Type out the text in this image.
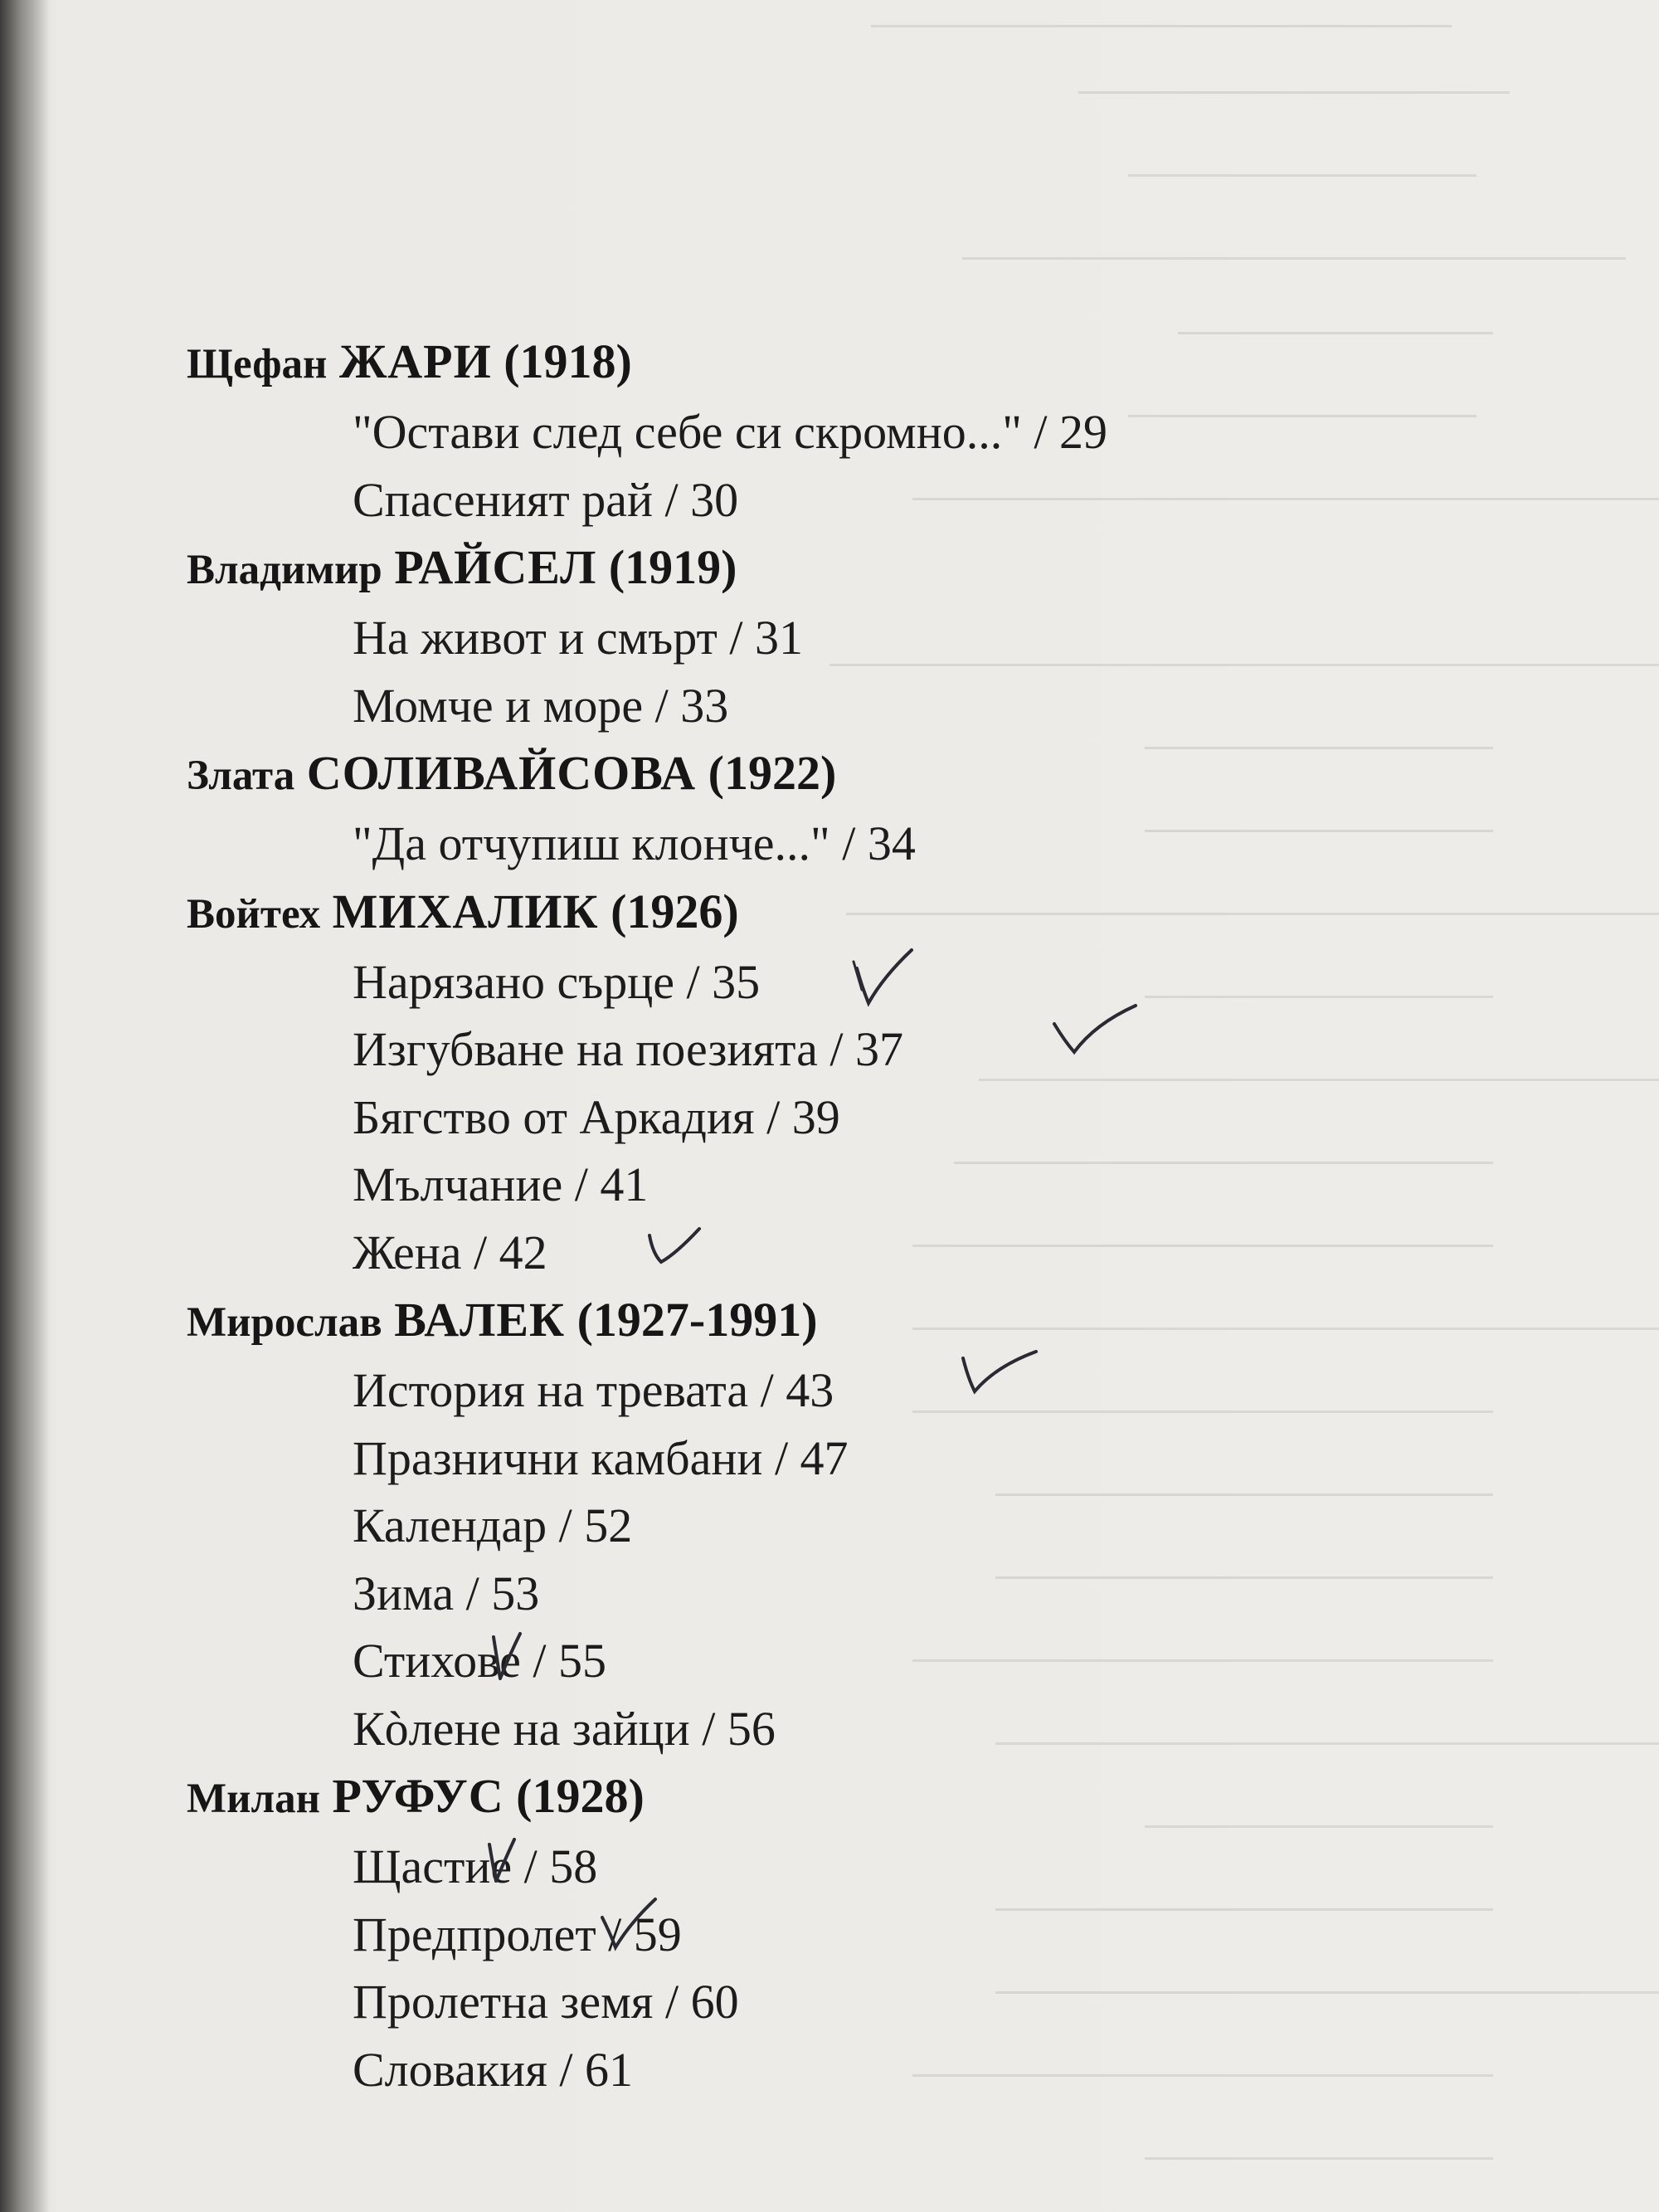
Щефан ЖАРИ (1918)
"Остави след себе си скромно..." / 29
Спасеният рай / 30
Владимир РАЙСЕЛ (1919)
На живот и смърт / 31
Момче и море / 33
Злата СОЛИВАЙСОВА (1922)
"Да отчупиш клонче..." / 34
Войтех МИХАЛИК (1926)
Нарязано сърце / 35
Изгубване на поезията / 37
Бягство от Аркадия / 39
Мълчание / 41
Жена / 42
Мирослав ВАЛЕК (1927-1991)
История на тревата / 43
Празнични камбани / 47
Календар / 52
Зима / 53
Стихове / 55
Кòлене на зайци / 56
Милан РУФУС (1928)
Щастие / 58
Предпролет / 59
Пролетна земя / 60
Словакия / 61
